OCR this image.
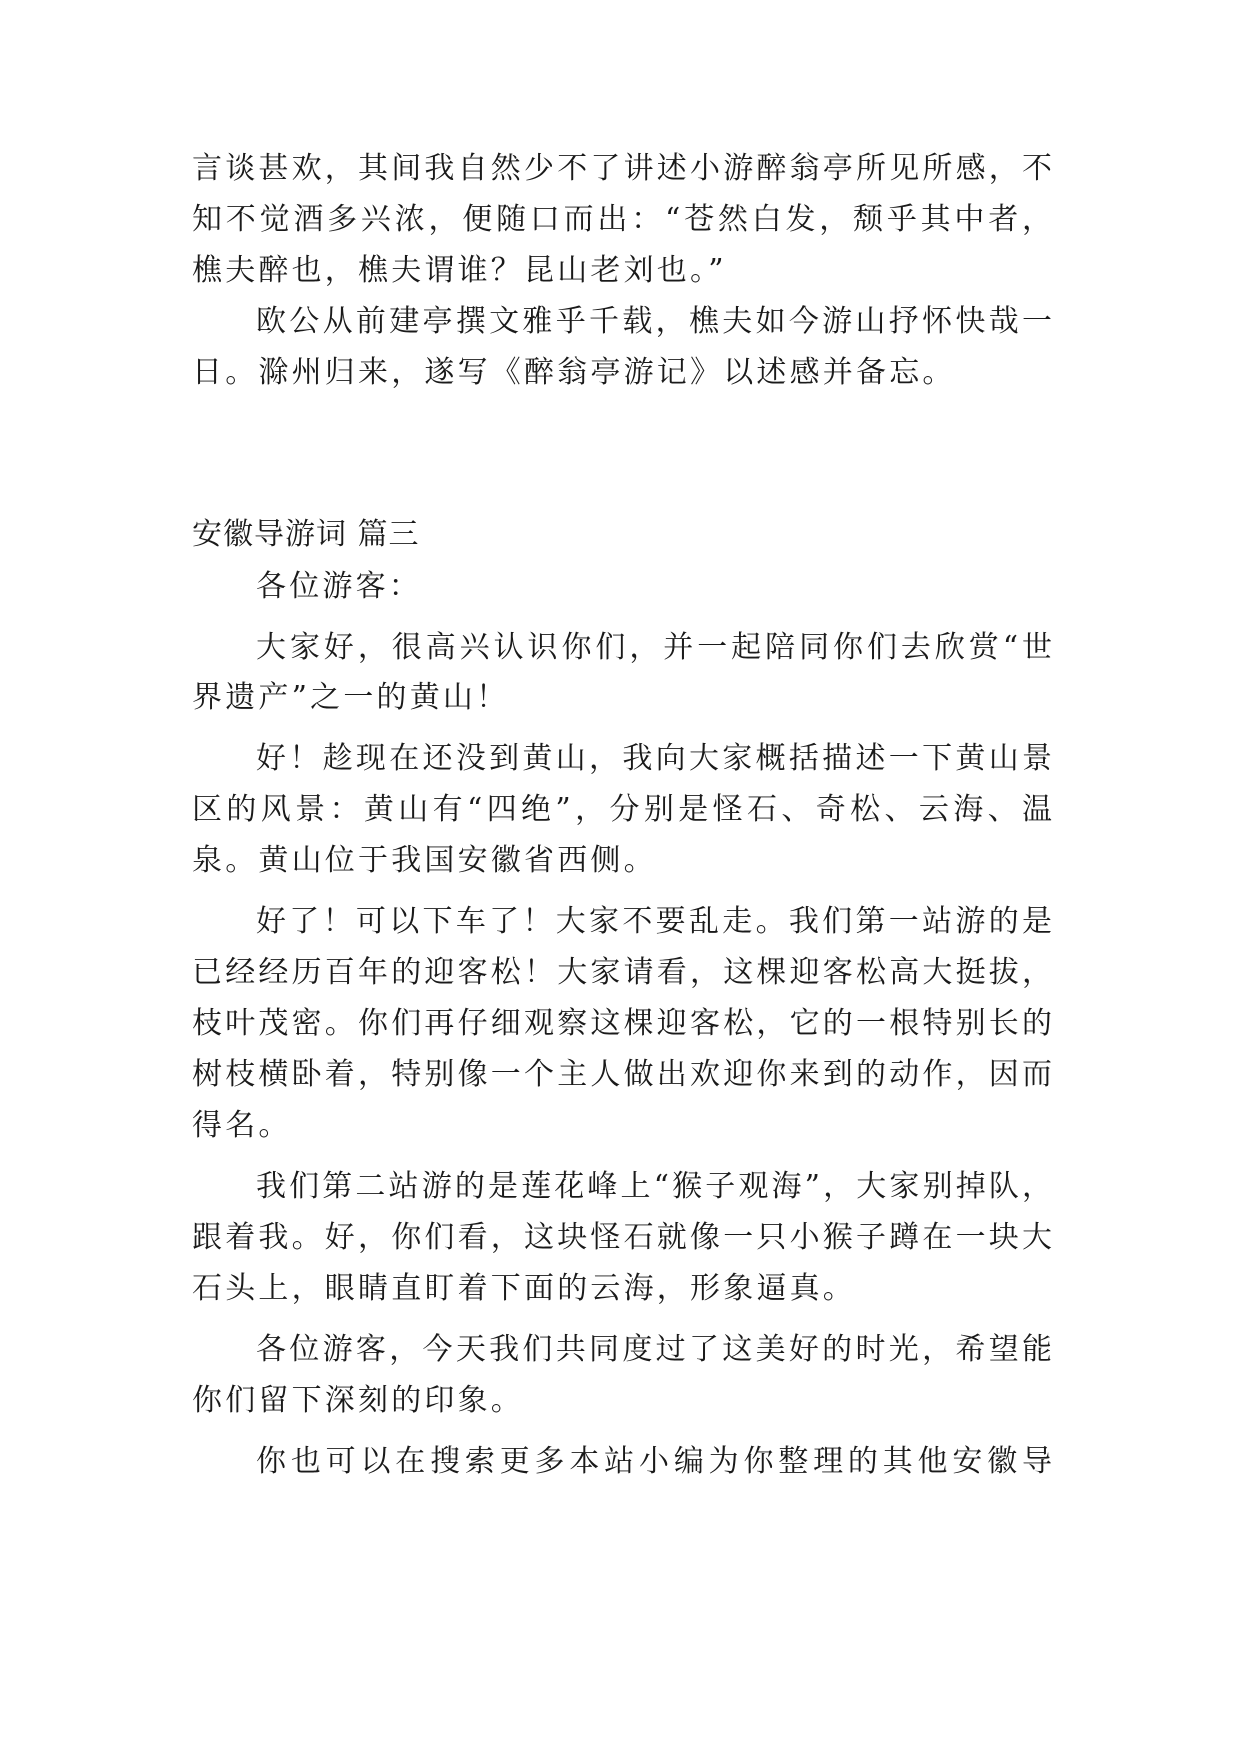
言谈甚欢，其间我自然少不了讲述小游醉翁亭所见所感，不
知不觉酒多兴浓，便随口而出：“苍然白发，颓乎其中者，
樵夫醉也，樵夫谓谁？昆山老刘也。”
欧公从前建亭撰文雅乎千载，樵夫如今游山抒怀快哉一
日。滁州归来，遂写《醉翁亭游记》以述感并备忘。
安徽导游词 篇三
各位游客：
大家好，很高兴认识你们，并一起陪同你们去欣赏“世
界遗产”之一的黄山！
好！趁现在还没到黄山，我向大家概括描述一下黄山景
区的风景：黄山有“四绝”，分别是怪石、奇松、云海、温
泉。黄山位于我国安徽省西侧。
好了！可以下车了！大家不要乱走。我们第一站游的是
已经经历百年的迎客松！大家请看，这棵迎客松高大挺拔，
枝叶茂密。你们再仔细观察这棵迎客松，它的一根特别长的
树枝横卧着，特别像一个主人做出欢迎你来到的动作，因而
得名。
我们第二站游的是莲花峰上“猴子观海”，大家别掉队，
跟着我。好，你们看，这块怪石就像一只小猴子蹲在一块大
石头上，眼睛直盯着下面的云海，形象逼真。
各位游客，今天我们共同度过了这美好的时光，希望能
你们留下深刻的印象。
你也可以在搜索更多本站小编为你整理的其他安徽导
